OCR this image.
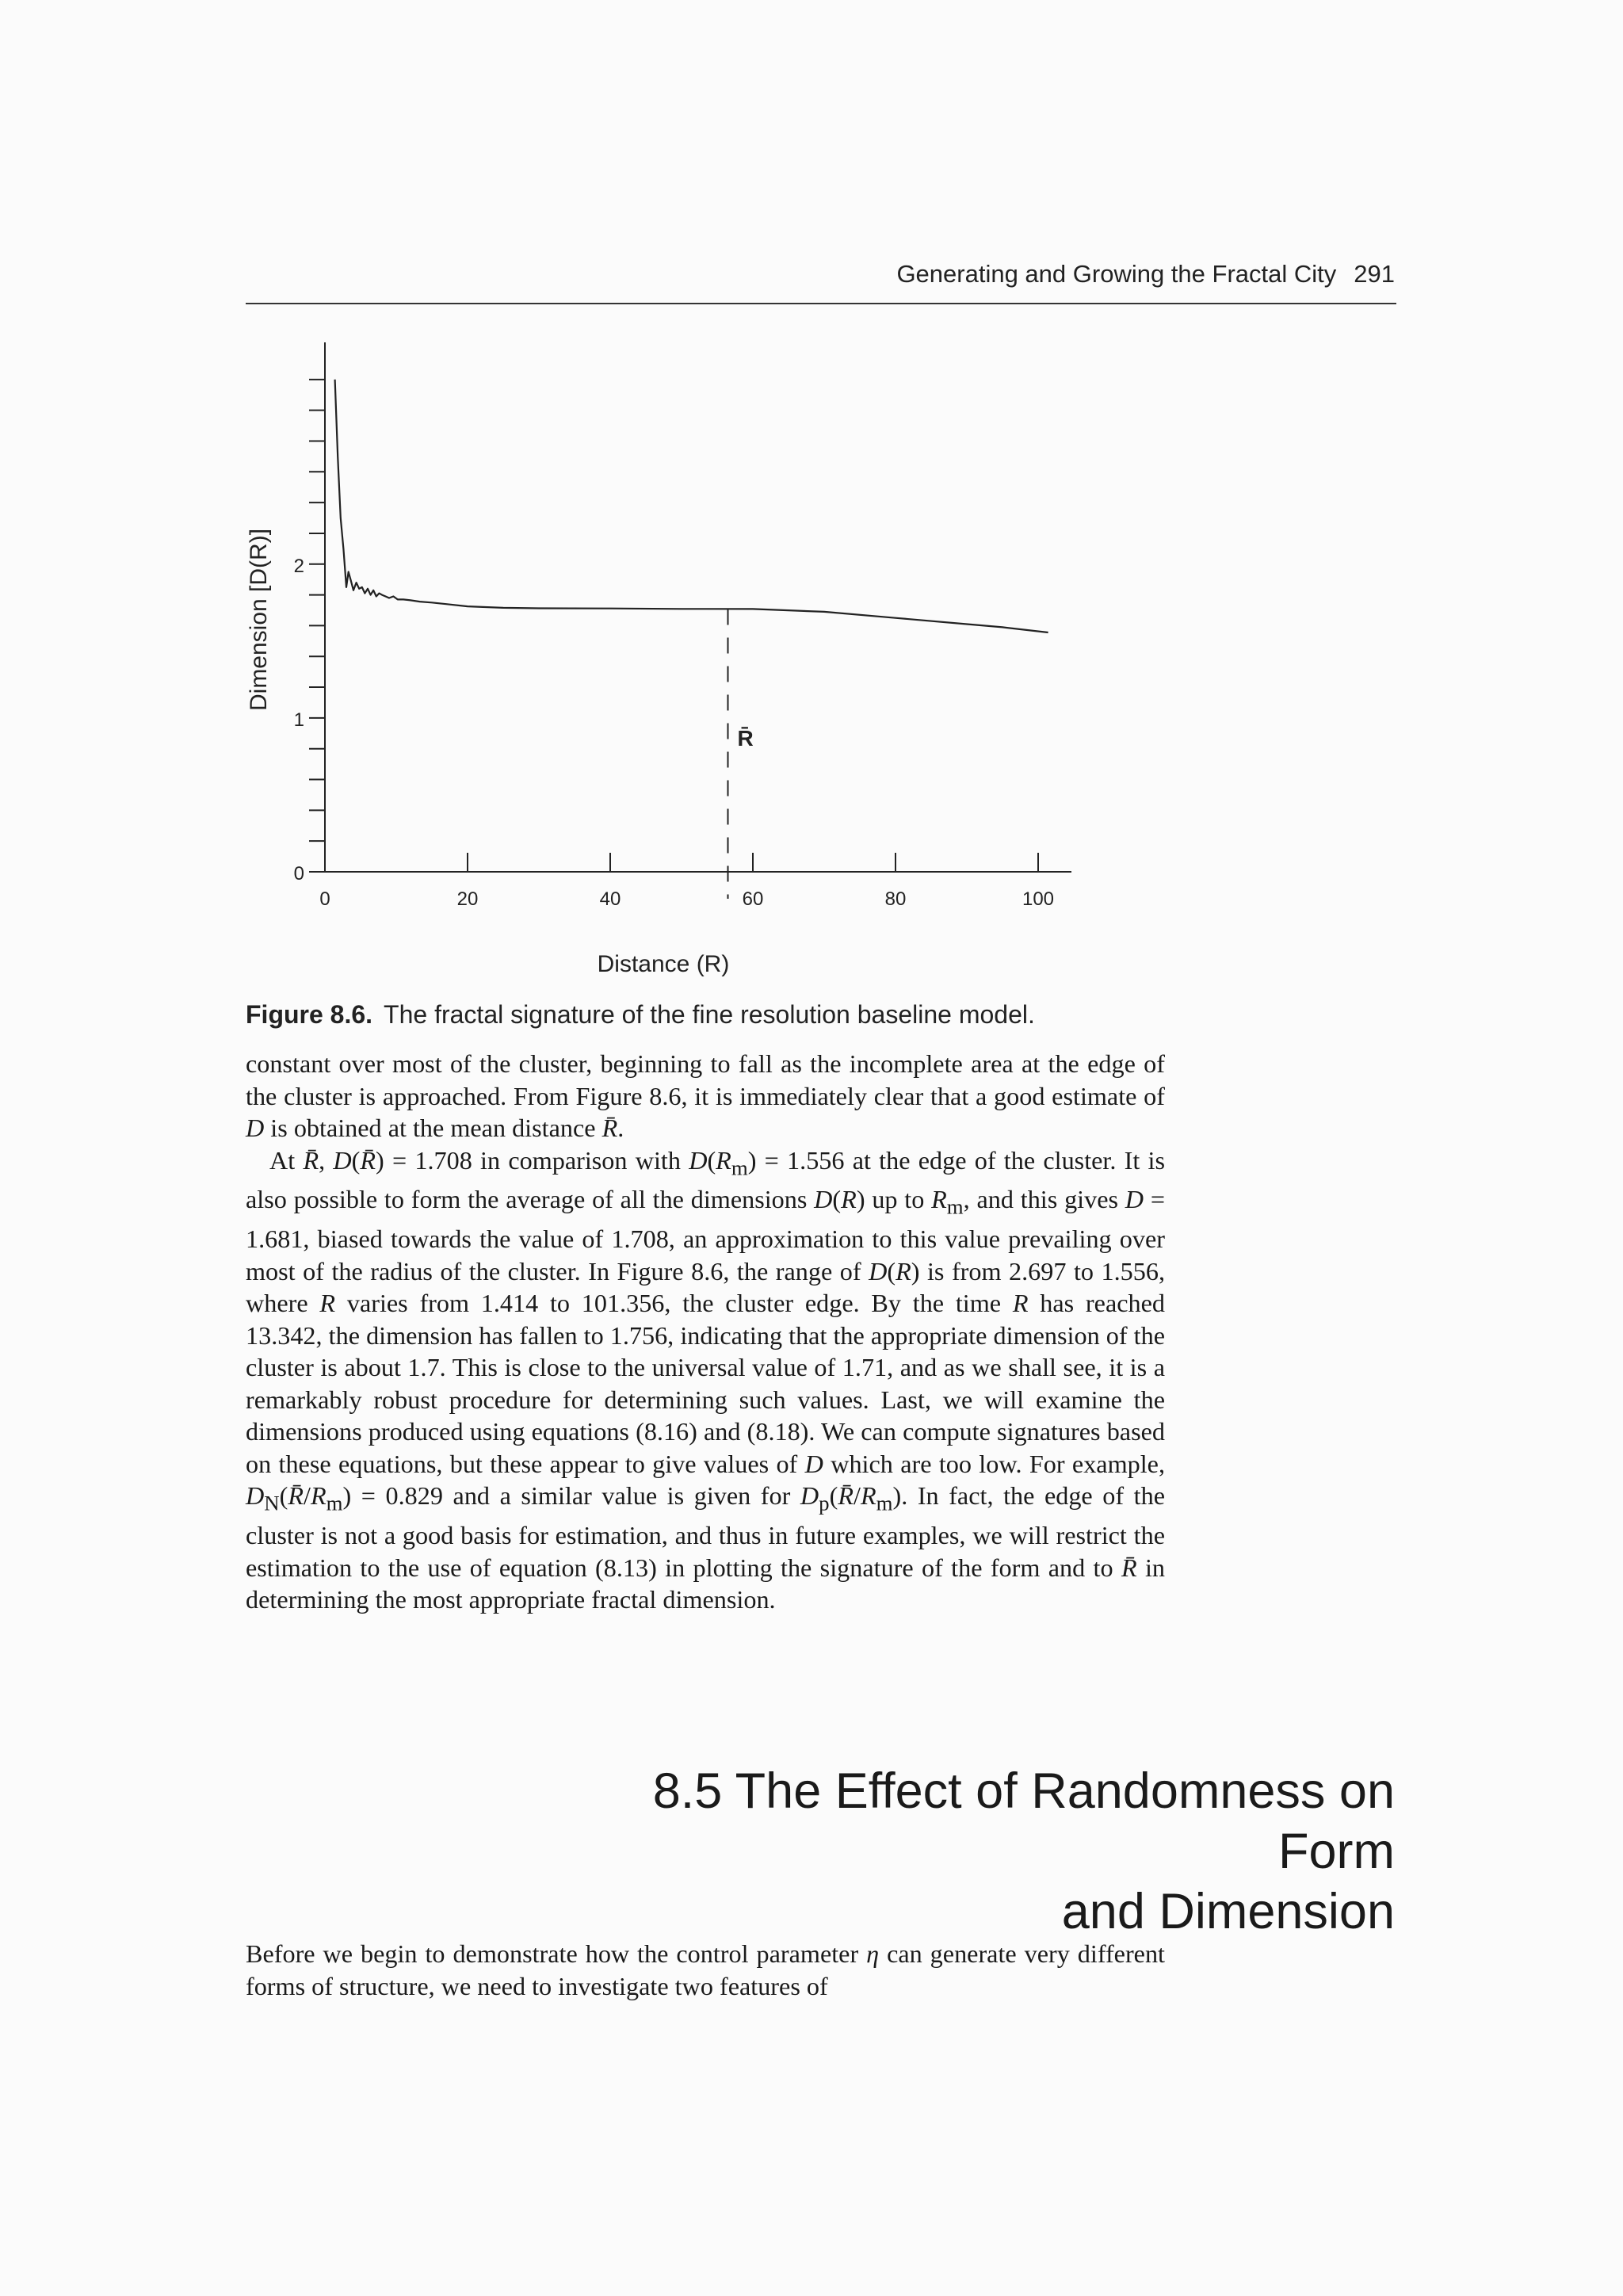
Generating and Growing the Fractal City 291
0
1
2
0	20	40	60	80	100
R̄
Distance (R)
Dimension [D(R)]
Figure 8.6. The fractal signature of the fine resolution baseline model.

constant over most of the cluster, beginning to fall as the incomplete area at the edge of the cluster is approached. From Figure 8.6, it is immediately clear that a good estimate of D is obtained at the mean distance R̄.

At R̄, D(R̄) = 1.708 in comparison with $D(R_m) = 1.556$ at the edge of the cluster. It is also possible to form the average of all the dimensions D(R) up to $R_m$, and this gives D = 1.681, biased towards the value of 1.708, an approximation to this value prevailing over most of the radius of the cluster. In Figure 8.6, the range of D(R) is from 2.697 to 1.556, where R varies from 1.414 to 101.356, the cluster edge. By the time R has reached 13.342, the dimension has fallen to 1.756, indicating that the appropriate dimension of the cluster is about 1.7. This is close to the universal value of 1.71, and as we shall see, it is a remarkably robust procedure for determining such values. Last, we will examine the dimensions produced using equations (8.16) and (8.18). We can compute signatures based on these equations, but these appear to give values of D which are too low. For example, $D_N(R̄/R_m) = 0.829$ and a similar value is given for $D_p(R̄/R_m)$. In fact, the edge of the cluster is not a good basis for estimation, and thus in future examples, we will restrict the estimation to the use of equation (8.13) in plotting the signature of the form and to R̄ in determining the most appropriate fractal dimension.

8.5 The Effect of Randomness on Form
and Dimension

Before we begin to demonstrate how the control parameter η can generate very different forms of structure, we need to investigate two features of
